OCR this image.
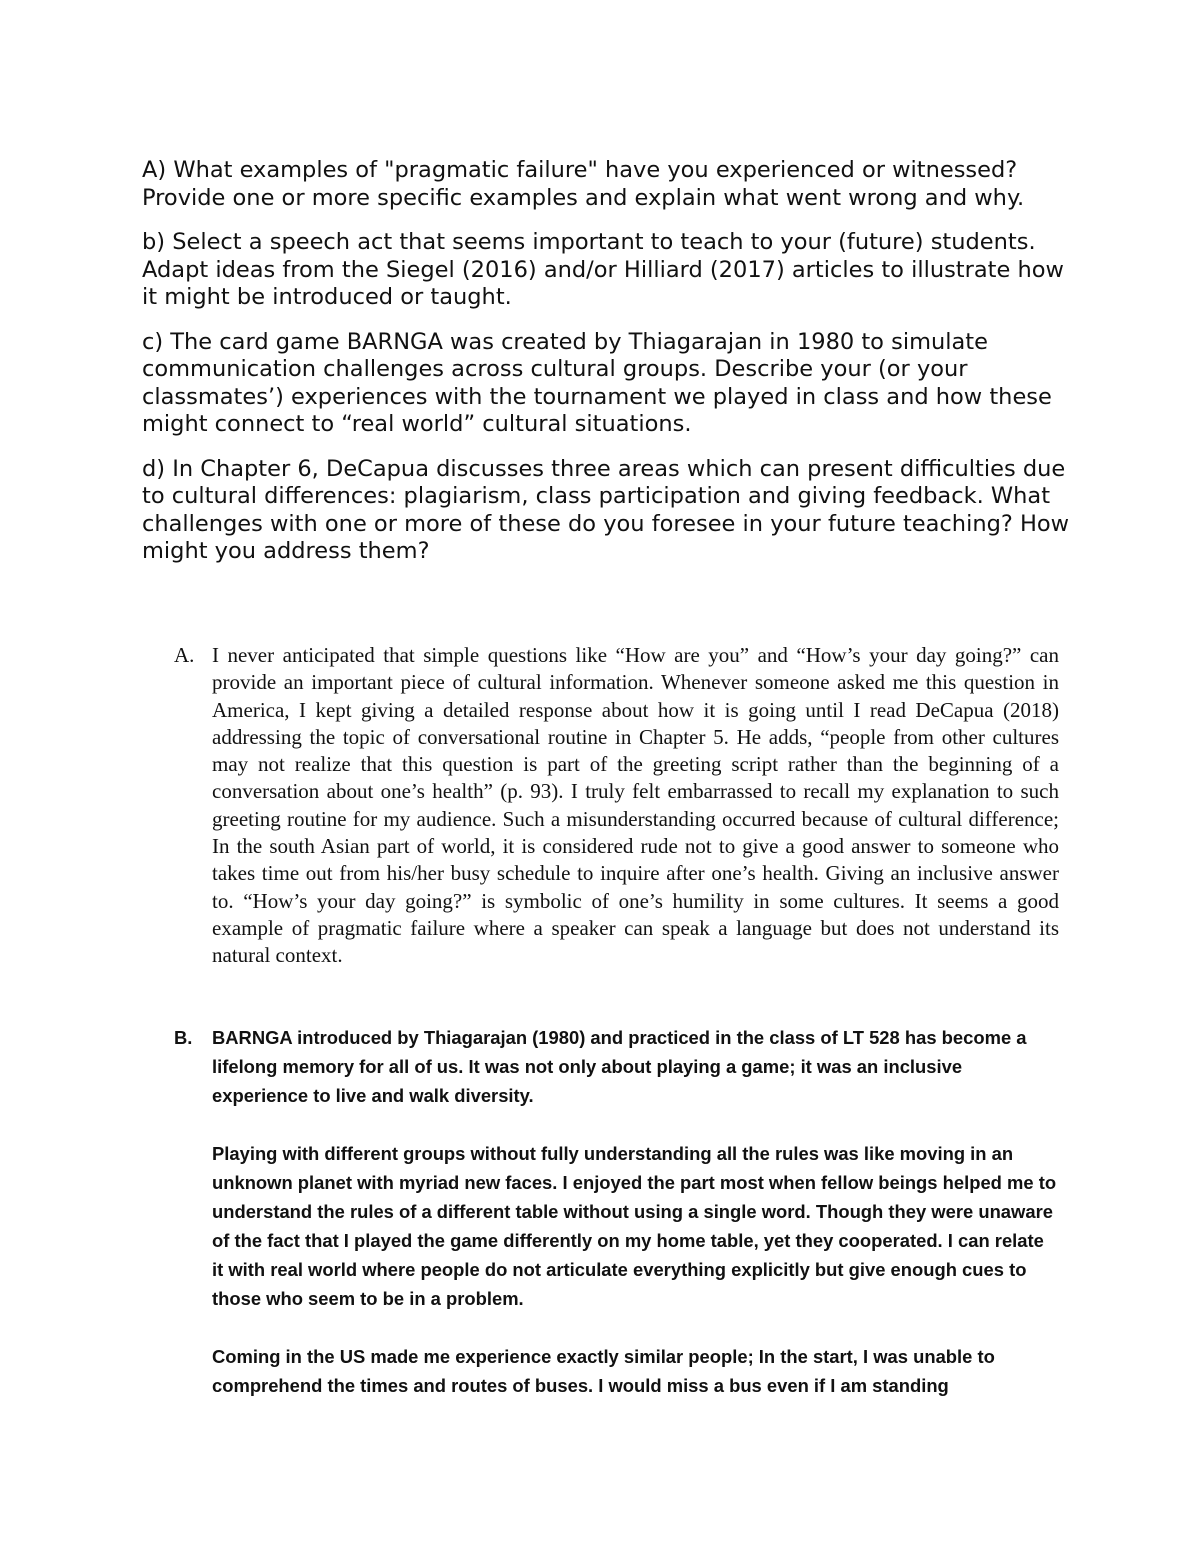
A) What examples of "pragmatic failure" have you experienced or witnessed? Provide one or more specific examples and explain what went wrong and why.

b) Select a speech act that seems important to teach to your (future) students. Adapt ideas from the Siegel (2016) and/or Hilliard (2017) articles to illustrate how it might be introduced or taught.

c) The card game BARNGA was created by Thiagarajan in 1980 to simulate communication challenges across cultural groups. Describe your (or your classmates’) experiences with the tournament we played in class and how these might connect to “real world” cultural situations.

d) In Chapter 6, DeCapua discusses three areas which can present difficulties due to cultural differences: plagiarism, class participation and giving feedback. What challenges with one or more of these do you foresee in your future teaching? How might you address them?

A. I never anticipated that simple questions like “How are you” and “How’s your day going?” can provide an important piece of cultural information. Whenever someone asked me this question in America, I kept giving a detailed response about how it is going until I read DeCapua (2018) addressing the topic of conversational routine in Chapter 5. He adds, “people from other cultures may not realize that this question is part of the greeting script rather than the beginning of a conversation about one’s health” (p. 93). I truly felt embarrassed to recall my explanation to such greeting routine for my audience. Such a misunderstanding occurred because of cultural difference; In the south Asian part of world, it is considered rude not to give a good answer to someone who takes time out from his/her busy schedule to inquire after one’s health. Giving an inclusive answer to. “How’s your day going?” is symbolic of one’s humility in some cultures. It seems a good example of pragmatic failure where a speaker can speak a language but does not understand its natural context.
B. BARNGA introduced by Thiagarajan (1980) and practiced in the class of LT 528 has become a lifelong memory for all of us. It was not only about playing a game; it was an inclusive experience to live and walk diversity.

Playing with different groups without fully understanding all the rules was like moving in an unknown planet with myriad new faces. I enjoyed the part most when fellow beings helped me to understand the rules of a different table without using a single word. Though they were unaware of the fact that I played the game differently on my home table, yet they cooperated. I can relate it with real world where people do not articulate everything explicitly but give enough cues to those who seem to be in a problem.

Coming in the US made me experience exactly similar people; In the start, I was unable to comprehend the times and routes of buses. I would miss a bus even if I am standing
